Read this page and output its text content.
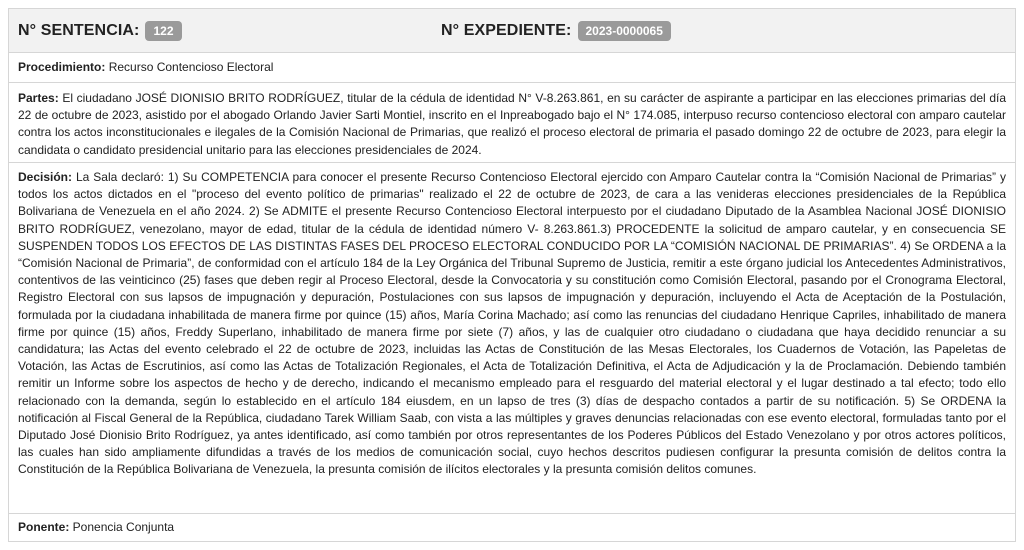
N° SENTENCIA:	122	N° EXPEDIENTE:	2023-0000065
Procedimiento: Recurso Contencioso Electoral
Partes: El ciudadano JOSÉ DIONISIO BRITO RODRÍGUEZ, titular de la cédula de identidad N° V-8.263.861, en su carácter de aspirante a participar en las elecciones primarias del día 22 de octubre de 2023, asistido por el abogado Orlando Javier Sarti Montiel, inscrito en el Inpreabogado bajo el N° 174.085, interpuso recurso contencioso electoral con amparo cautelar contra los actos inconstitucionales e ilegales de la Comisión Nacional de Primarias, que realizó el proceso electoral de primaria el pasado domingo 22 de octubre de 2023, para elegir la candidata o candidato presidencial unitario para las elecciones presidenciales de 2024.
Decisión: La Sala declaró: 1) Su COMPETENCIA para conocer el presente Recurso Contencioso Electoral ejercido con Amparo Cautelar contra la “Comisión Nacional de Primarias” y todos los actos dictados en el "proceso del evento político de primarias" realizado el 22 de octubre de 2023, de cara a las venideras elecciones presidenciales de la República Bolivariana de Venezuela en el año 2024. 2) Se ADMITE el presente Recurso Contencioso Electoral interpuesto por el ciudadano Diputado de la Asamblea Nacional JOSÉ DIONISIO BRITO RODRÍGUEZ, venezolano, mayor de edad, titular de la cédula de identidad número V- 8.263.861.3) PROCEDENTE la solicitud de amparo cautelar, y en consecuencia SE SUSPENDEN TODOS LOS EFECTOS DE LAS DISTINTAS FASES DEL PROCESO ELECTORAL CONDUCIDO POR LA “COMISIÓN NACIONAL DE PRIMARIAS”. 4) Se ORDENA a la “Comisión Nacional de Primaria”, de conformidad con el artículo 184 de la Ley Orgánica del Tribunal Supremo de Justicia, remitir a este órgano judicial los Antecedentes Administrativos, contentivos de las veinticinco (25) fases que deben regir al Proceso Electoral, desde la Convocatoria y su constitución como Comisión Electoral, pasando por el Cronograma Electoral, Registro Electoral con sus lapsos de impugnación y depuración, Postulaciones con sus lapsos de impugnación y depuración, incluyendo el Acta de Aceptación de la Postulación, formulada por la ciudadana inhabilitada de manera firme por quince (15) años, María Corina Machado; así como las renuncias del ciudadano Henrique Capriles, inhabilitado de manera firme por quince (15) años, Freddy Superlano, inhabilitado de manera firme por siete (7) años, y las de cualquier otro ciudadano o ciudadana que haya decidido renunciar a su candidatura; las Actas del evento celebrado el 22 de octubre de 2023, incluidas las Actas de Constitución de las Mesas Electorales, los Cuadernos de Votación, las Papeletas de Votación, las Actas de Escrutinios, así como las Actas de Totalización Regionales, el Acta de Totalización Definitiva, el Acta de Adjudicación y la de Proclamación. Debiendo también remitir un Informe sobre los aspectos de hecho y de derecho, indicando el mecanismo empleado para el resguardo del material electoral y el lugar destinado a tal efecto; todo ello relacionado con la demanda, según lo establecido en el artículo 184 eiusdem, en un lapso de tres (3) días de despacho contados a partir de su notificación. 5) Se ORDENA la notificación al Fiscal General de la República, ciudadano Tarek William Saab, con vista a las múltiples y graves denuncias relacionadas con ese evento electoral, formuladas tanto por el Diputado José Dionisio Brito Rodríguez, ya antes identificado, así como también por otros representantes de los Poderes Públicos del Estado Venezolano y por otros actores políticos, las cuales han sido ampliamente difundidas a través de los medios de comunicación social, cuyo hechos descritos pudiesen configurar la presunta comisión de delitos contra la Constitución de la República Bolivariana de Venezuela, la presunta comisión de ilícitos electorales y la presunta comisión delitos comunes.
Ponente: Ponencia Conjunta
